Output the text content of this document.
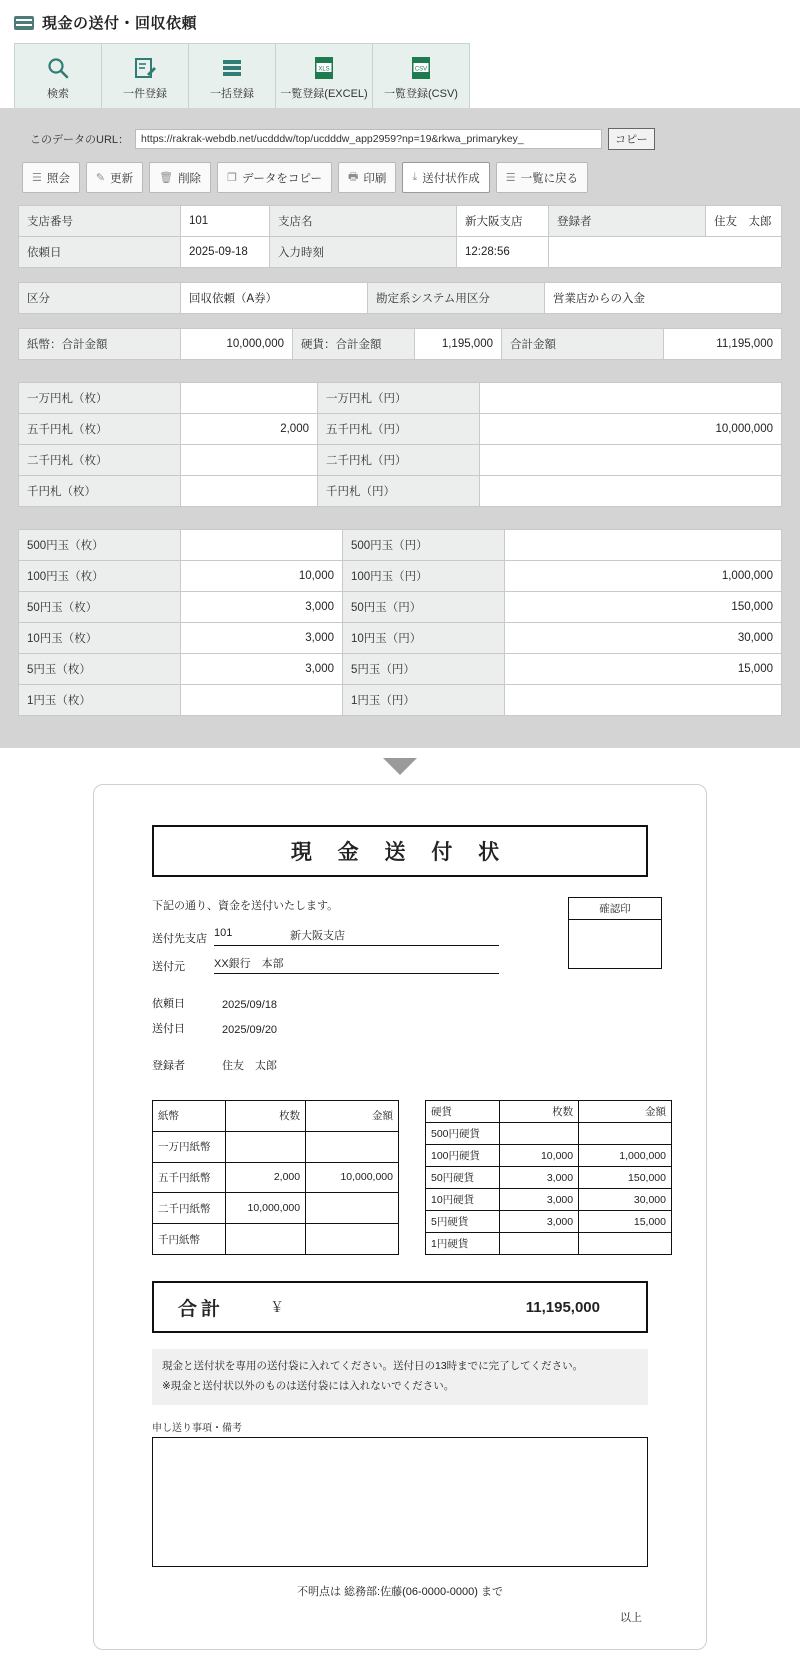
現金の送付・回収依頼
検索	一件登録	一括登録
XLS
一覧登録(EXCEL)
CSV
一覧登録(CSV)
このデータのURL：	https://rakrak-webdb.net/ucdddw/top/ucdddw_app2959?np=19&rkwa_primarykey_	コピー
☰ 照会 ✎ 更新 🗑 削除 ❐ データをコピー 🖶 印刷 ⤓ 送付状作成 ☰ 一覧に戻る
支店番号	101	支店名	新大阪支店	登録者	住友　太郎
依頼日	2025-09-18	入力時刻	12:28:56		
区分	回収依頼（A券）	勘定系システム用区分	営業店からの入金
紙幣：合計金額	10,000,000	硬貨：合計金額	1,195,000	合計金額	11,195,000
一万円札（枚）		一万円札（円）	
五千円札（枚）	2,000	五千円札（円）	10,000,000
二千円札（枚）		二千円札（円）	
千円札（枚）		千円札（円）	
500円玉（枚）		500円玉（円）	
100円玉（枚）	10,000	100円玉（円）	1,000,000
50円玉（枚）	3,000	50円玉（円）	150,000
10円玉（枚）	3,000	10円玉（円）	30,000
5円玉（枚）	3,000	5円玉（円）	15,000
1円玉（枚）		1円玉（円）	
現 金 送 付 状
下記の通り、資金を送付いたします。
送付先支店 101	新大阪支店
送付元	XX銀行　本部
依頼日	2025/09/18
送付日	2025/09/20
登録者	住友　太郎
確認印
紙幣	枚数	金額
一万円紙幣		
五千円紙幣	2,000	10,000,000
二千円紙幣	10,000,000	
千円紙幣		
硬貨	枚数	金額
500円硬貨		
100円硬貨	10,000	1,000,000
50円硬貨	3,000	150,000
10円硬貨	3,000	30,000
5円硬貨	3,000	15,000
1円硬貨		
合計	￥	11,195,000
現金と送付状を専用の送付袋に入れてください。送付日の13時までに完了してください。
※現金と送付状以外のものは送付袋には入れないでください。
申し送り事項・備考
不明点は 総務部:佐藤(06-0000-0000) まで
以上
